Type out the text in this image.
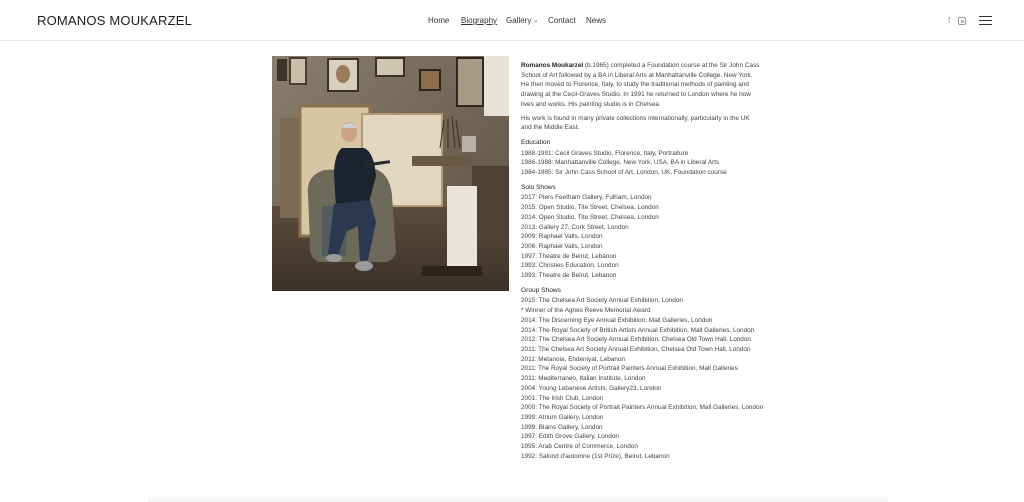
ROMANOS MOUKARZEL	Home Biography Gallery ⌄ Contact News	f

Romanos Moukarzel (b.1965) completed a Foundation course at the Sir John Cass School of Art followed by a BA in Liberal Arts at Manhattanville College, New York. He then moved to Florence, Italy, to study the traditional methods of painting and drawing at the Cecil-Graves Studio. In 1991 he returned to London where he now lives and works. His painting studio is in Chelsea.

His work is found in many private collections internationally, particularly in the UK and the Middle East.

Education
1988-1991: Cecil Graves Studio, Florence, Italy, Portraiture
1986-1988: Manhattanville College, New York, USA, BA in Liberal Arts
1984-1985: Sir John Cass School of Art, London, UK, Foundation course
Solo Shows
2017: Piers Feetham Gallery, Fulham, London
2015: Open Studio, Tite Street, Chelsea, London
2014: Open Studio, Tite Street, Chelsea, London
2013: Gallery 27, Cork Street, London
2009: Raphael Valls, London
2006: Raphael Valls, London
1997: Theatre de Beirut, Lebanon
1993: Christies Education, London
1993: Theatre de Beirut, Lebanon
Group Shows
2015: The Chelsea Art Society Annual Exhibition, London
* Winner of the Agnes Reeve Memorial Award
2014: The Discerning Eye Annual Exhibition, Mall Galleries, London
2014: The Royal Society of British Artists Annual Exhibition, Mall Galleries, London
2012: The Chelsea Art Society Annual Exhibition, Chelsea Old Town Hall, London
2011: The Chelsea Art Society Annual Exhibition, Chelsea Old Town Hall, London
2011: Metanoia, Ehdeniyat, Lebanon
2011: The Royal Society of Portrait Painters Annual Exhibition, Mall Galleries
2011: Mediterraneo, Italian Institute, London
2004: Young Lebanese Artists, Gallery23, London
2001: The Irish Club, London
2000: The Royal Society of Portrait Painters Annual Exhibition, Mall Galleries, London
1999: Atrium Gallery, London
1999: Blains Gallery, London
1997: Edith Grove Gallery, London
1995: Arab Centre of Commerce, London
1992: Salond d'automne (1st Prize), Beirut, Lebanon
